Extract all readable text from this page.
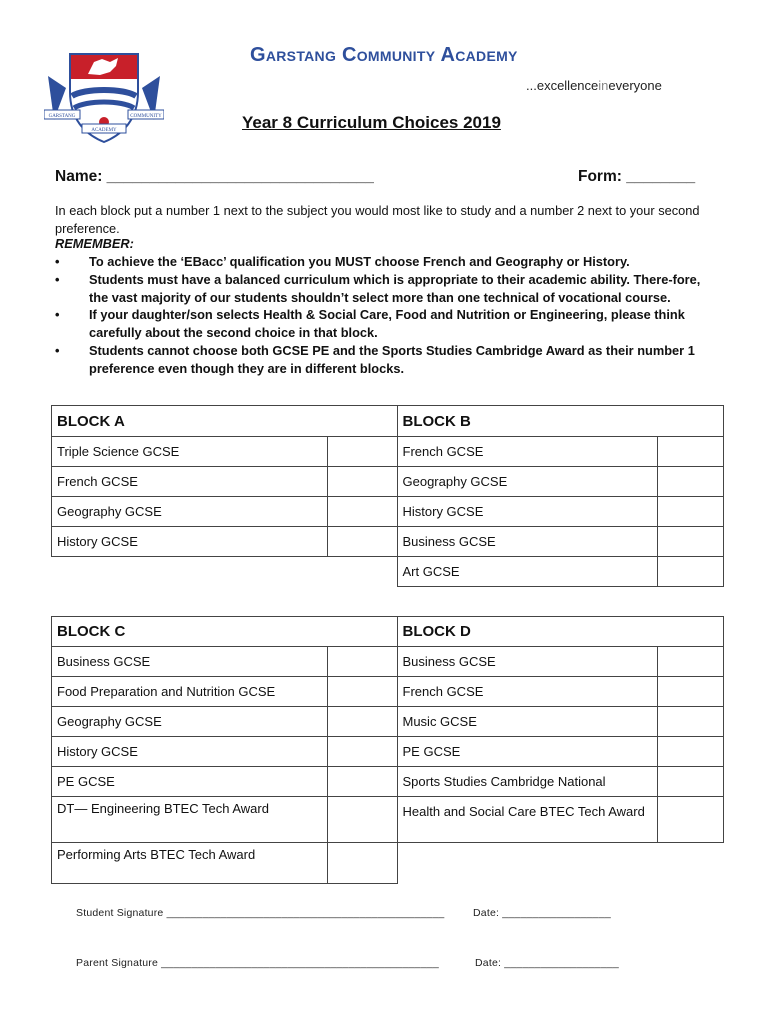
GARSTANG	COMMUNITY
ACADEMY
Garstang Community Academy
...excellenceineveryone
Year 8 Curriculum Choices 2019
Name: _______________________________	Form: ________
In each block put a number 1 next to the subject you would most like to study and a number 2 next to your second preference.
REMEMBER:
• To achieve the ‘EBacc’ qualification you MUST choose French and Geography or History.
• Students must have a balanced curriculum which is appropriate to their academic ability. There-fore, the vast majority of our students shouldn’t select more than one technical of vocational course.
• If your daughter/son selects Health & Social Care, Food and Nutrition or Engineering, please think carefully about the second choice in that block.
• Students cannot choose both GCSE PE and the Sports Studies Cambridge Award as their number 1 preference even though they are in different blocks.
BLOCK A		BLOCK B	
Triple Science GCSE		French GCSE	
French GCSE		Geography GCSE	
Geography GCSE		History GCSE	
History GCSE		Business GCSE	
		Art GCSE	
BLOCK C		BLOCK D	
Business GCSE		Business GCSE	
Food Preparation and Nutrition GCSE		French GCSE	
Geography GCSE		Music GCSE	
History GCSE		PE GCSE	
PE GCSE		Sports Studies Cambridge National	
DT— Engineering BTEC Tech Award		Health and Social Care BTEC Tech Award	
Performing Arts BTEC Tech Award			
Student Signature ______________________________________________	Date: __________________
Parent Signature ______________________________________________	Date: ___________________
